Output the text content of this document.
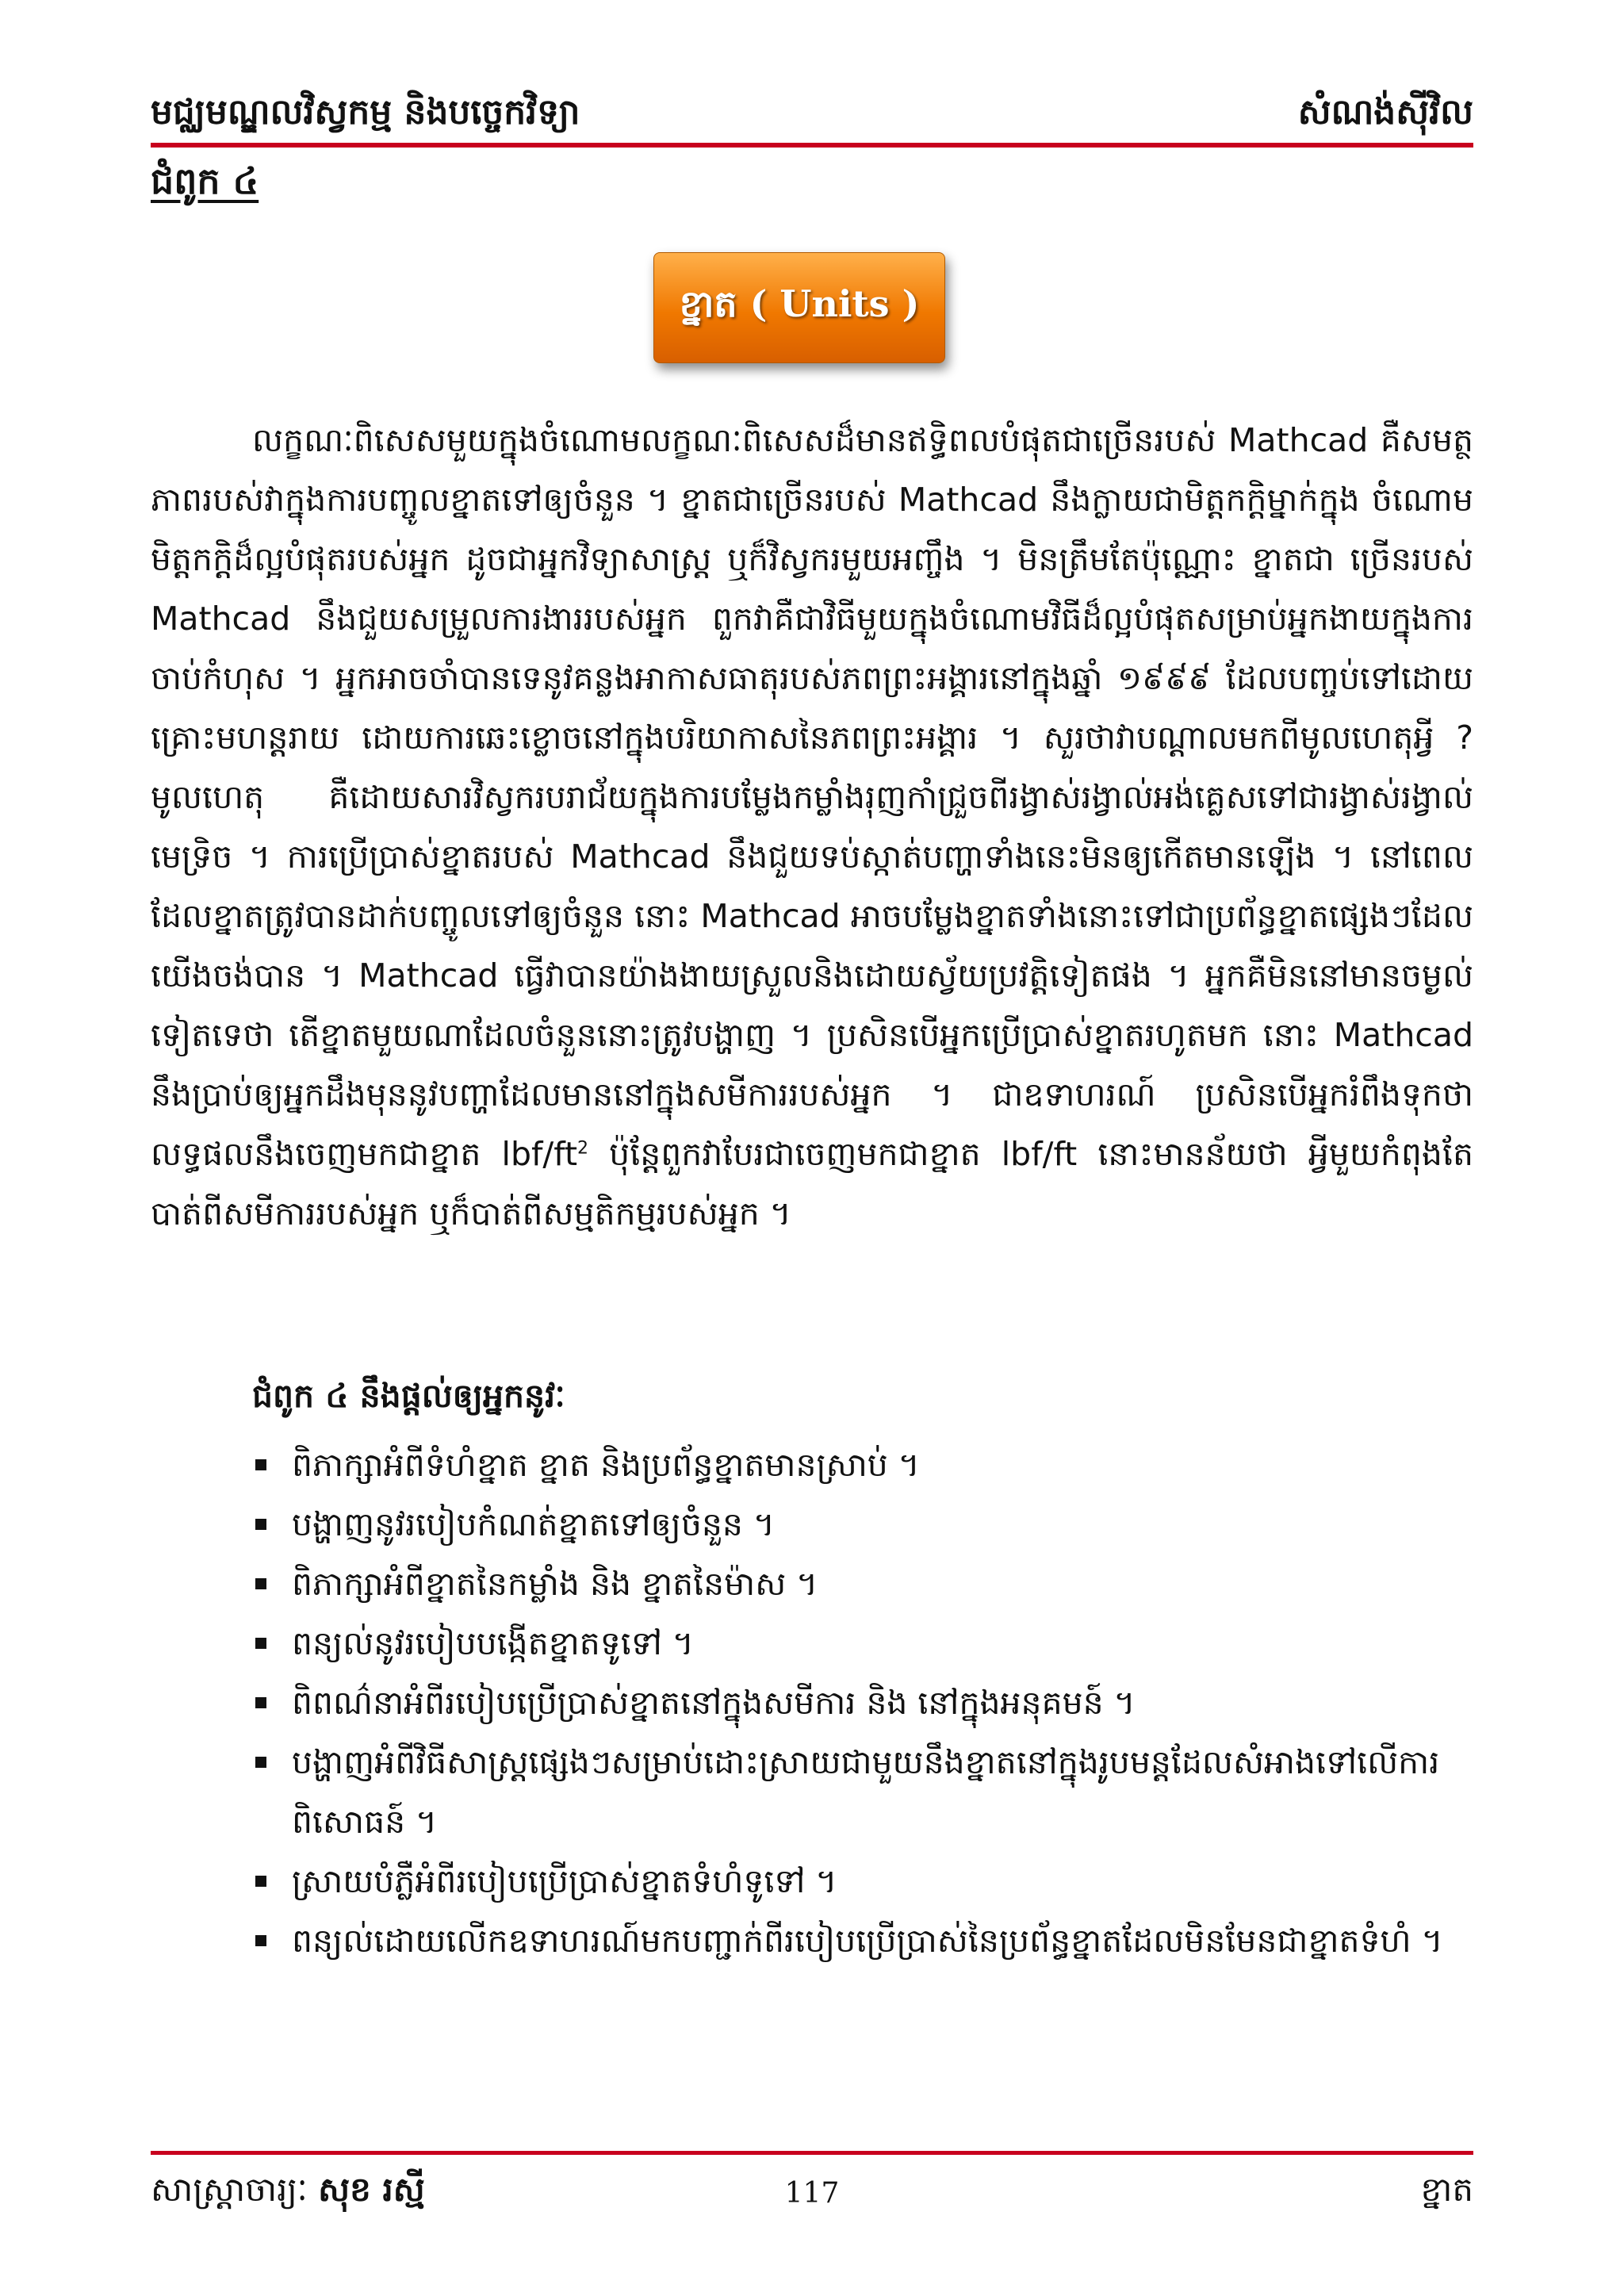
មជ្ឈមណ្ឌលវិស្វកម្ម និងបច្ចេកវិទ្យា	សំណង់ស៊ីវិល
ជំពូក ៤
ខ្នាត ( Units )

លក្ខណៈពិសេសមួយក្នុងចំណោមលក្ខណៈពិសេសដ៏មានឥទ្ធិពលបំផុតជាច្រើនរបស់ Mathcad គឺសមត្ថភាពរបស់វាក្នុងការបញ្ចូលខ្នាតទៅឲ្យចំនួន ។ ខ្នាតជាច្រើនរបស់ Mathcad នឹងក្លាយជាមិត្តកក្តិម្នាក់ក្នុង ចំណោមមិត្តកក្តិដ៏ល្អបំផុតរបស់អ្នក ដូចជាអ្នកវិទ្យាសាស្ត្រ ឬក៏វិស្វករមួយអញ្ចឹង ។ មិនត្រឹមតែប៉ុណ្ណោះ ខ្នាតជា ច្រើនរបស់ Mathcad នឹងជួយសម្រួលការងាររបស់អ្នក ពួកវាគឺជាវិធីមួយក្នុងចំណោមវិធីដ៏ល្អបំផុតសម្រាប់អ្នកងាយក្នុងការចាប់កំហុស ។ អ្នកអាចចាំបានទេនូវគន្លងអាកាសធាតុរបស់ភពព្រះអង្គារនៅក្នុងឆ្នាំ ១៩៩៩ ដែលបញ្ចប់ទៅដោយគ្រោះមហន្តរាយ ដោយការឆេះខ្លោចនៅក្នុងបរិយាកាសនៃភពព្រះអង្គារ ។ សួរថាវាបណ្តាលមកពីមូលហេតុអ្វី ? មូលហេតុ គឺដោយសារវិស្វករបរាជ័យក្នុងការបម្លែងកម្លាំងរុញកាំជ្រួចពីរង្វាស់រង្វាល់អង់គ្លេសទៅជារង្វាស់រង្វាល់មេទ្រិច ។ ការប្រើប្រាស់ខ្នាតរបស់ Mathcad នឹងជួយទប់ស្កាត់បញ្ហាទាំងនេះមិនឲ្យកើតមានឡើង ។ នៅពេលដែលខ្នាតត្រូវបានដាក់បញ្ចូលទៅឲ្យចំនួន នោះ Mathcad អាចបម្លែងខ្នាតទាំងនោះទៅជាប្រព័ន្ធខ្នាតផ្សេងៗដែលយើងចង់បាន ។ Mathcad ធ្វើវាបានយ៉ាងងាយស្រួលនិងដោយស្វ័យប្រវត្តិទៀតផង ។ អ្នកគឺមិននៅមានចម្ងល់ទៀតទេថា តើខ្នាតមួយណាដែលចំនួននោះត្រូវបង្ហាញ ។ ប្រសិនបើអ្នកប្រើប្រាស់ខ្នាតរហូតមក នោះ Mathcad នឹងប្រាប់ឲ្យអ្នកដឹងមុននូវបញ្ហាដែលមាននៅក្នុងសមីការរបស់អ្នក ។ ជាឧទាហរណ៍ ប្រសិនបើអ្នករំពឹងទុកថា លទ្ធផលនឹងចេញមកជាខ្នាត lbf/$ft^2$ ប៉ុន្តែពួកវាបែរជាចេញមកជាខ្នាត lbf/ft នោះមានន័យថា អ្វីមួយកំពុងតែបាត់ពីសមីការរបស់អ្នក ឬក៏បាត់ពីសម្មតិកម្មរបស់អ្នក ។

ជំពូក ៤ នឹងផ្តល់ឲ្យអ្នកនូវៈ
ពិភាក្សាអំពីទំហំខ្នាត ខ្នាត និងប្រព័ន្ធខ្នាតមានស្រាប់ ។
បង្ហាញនូវរបៀបកំណត់ខ្នាតទៅឲ្យចំនួន ។
ពិភាក្សាអំពីខ្នាតនៃកម្លាំង និង ខ្នាតនៃម៉ាស ។
ពន្យល់នូវរបៀបបង្កើតខ្នាតទូទៅ ។
ពិពណ៌នាអំពីរបៀបប្រើប្រាស់ខ្នាតនៅក្នុងសមីការ និង នៅក្នុងអនុគមន៍ ។
បង្ហាញអំពីវិធីសាស្ត្រផ្សេងៗសម្រាប់ដោះស្រាយជាមួយនឹងខ្នាតនៅក្នុងរូបមន្តដែលសំអាងទៅលើការពិសោធន៍ ។
ស្រាយបំភ្លឺអំពីរបៀបប្រើប្រាស់ខ្នាតទំហំទូទៅ ។
ពន្យល់ដោយលើកឧទាហរណ៍មកបញ្ជាក់ពីរបៀបប្រើប្រាស់នៃប្រព័ន្ធខ្នាតដែលមិនមែនជាខ្នាតទំហំ ។
សាស្ត្រាចារ្យៈ សុខ រស្មី	117	ខ្នាត
